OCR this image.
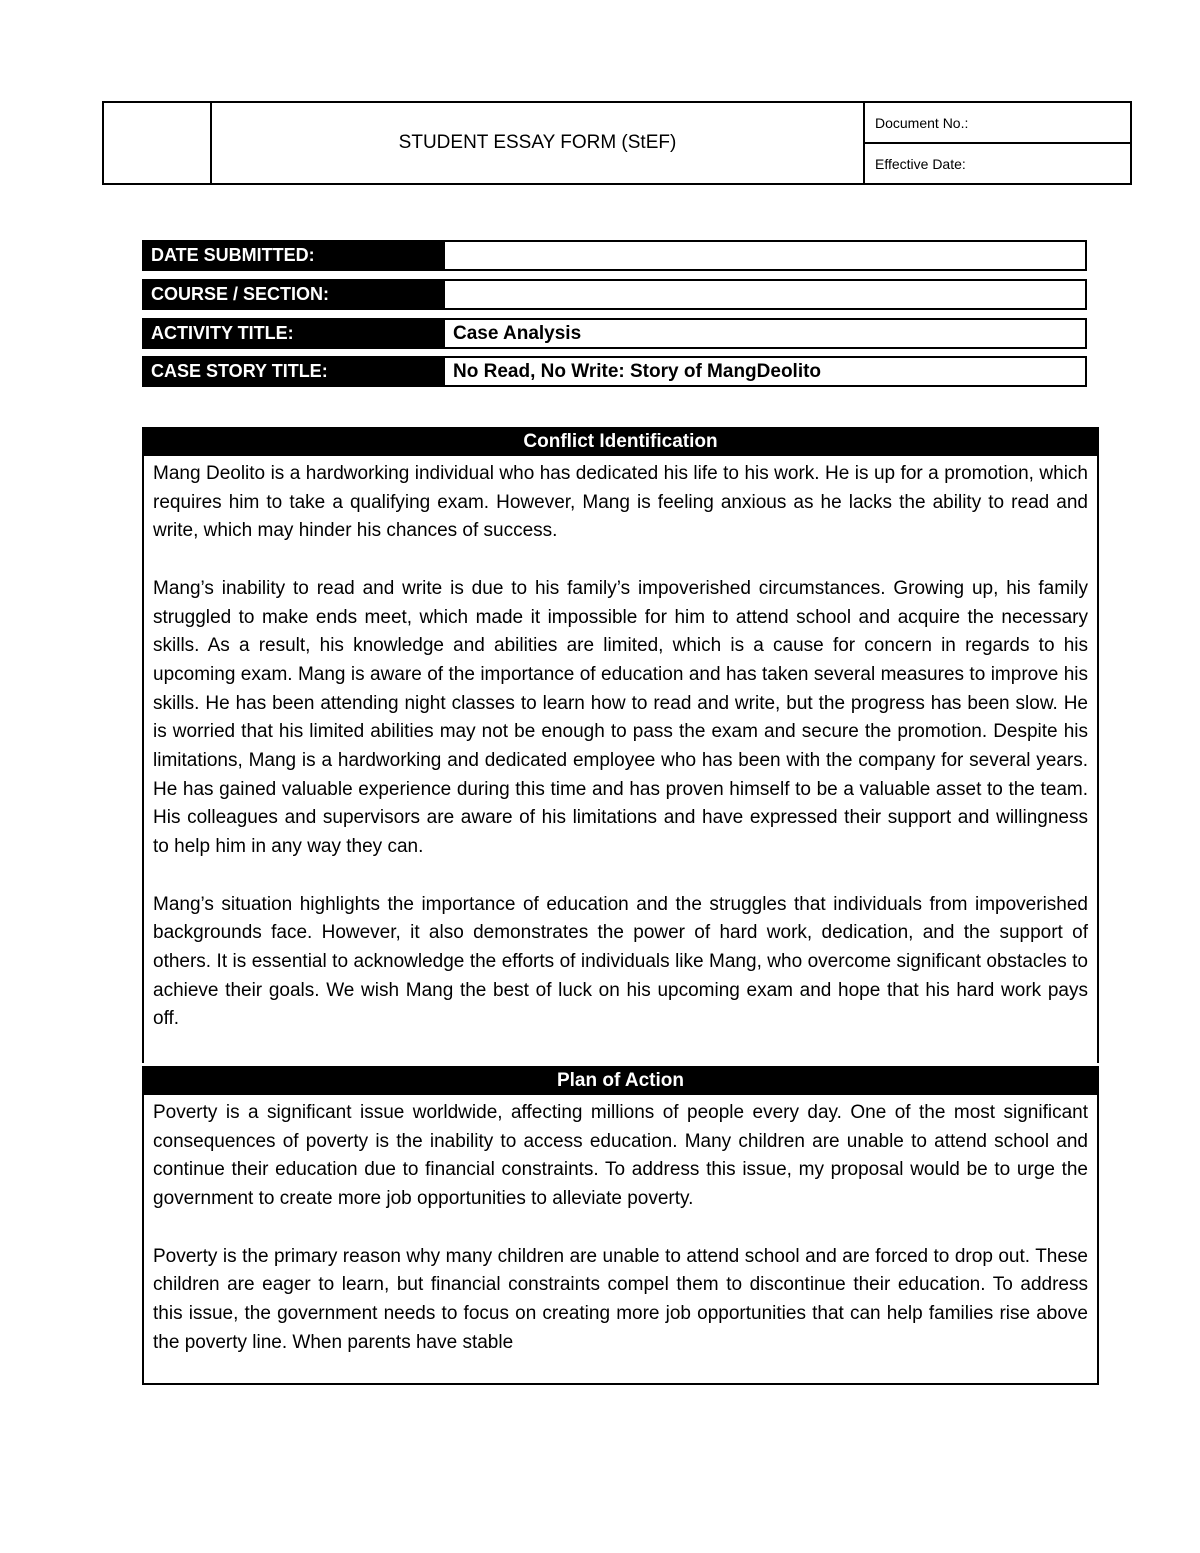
STUDENT ESSAY FORM (StEF)
Document No.:
Effective Date:
DATE SUBMITTED:
COURSE / SECTION:
ACTIVITY TITLE:	Case Analysis
CASE STORY TITLE:	No Read, No Write: Story of MangDeolito
Conflict Identification

Mang Deolito is a hardworking individual who has dedicated his life to his work. He is up for a promotion, which requires him to take a qualifying exam. However, Mang is feeling anxious as he lacks the ability to read and write, which may hinder his chances of success.

Mang’s inability to read and write is due to his family’s impoverished circumstances. Growing up, his family struggled to make ends meet, which made it impossible for him to attend school and acquire the necessary skills. As a result, his knowledge and abilities are limited, which is a cause for concern in regards to his upcoming exam. Mang is aware of the importance of education and has taken several measures to improve his skills. He has been attending night classes to learn how to read and write, but the progress has been slow. He is worried that his limited abilities may not be enough to pass the exam and secure the promotion. Despite his limitations, Mang is a hardworking and dedicated employee who has been with the company for several years. He has gained valuable experience during this time and has proven himself to be a valuable asset to the team. His colleagues and supervisors are aware of his limitations and have expressed their support and willingness to help him in any way they can.

Mang’s situation highlights the importance of education and the struggles that individuals from impoverished backgrounds face. However, it also demonstrates the power of hard work, dedication, and the support of others. It is essential to acknowledge the efforts of individuals like Mang, who overcome significant obstacles to achieve their goals. We wish Mang the best of luck on his upcoming exam and hope that his hard work pays off.

Plan of Action

Poverty is a significant issue worldwide, affecting millions of people every day. One of the most significant consequences of poverty is the inability to access education. Many children are unable to attend school and continue their education due to financial constraints. To address this issue, my proposal would be to urge the government to create more job opportunities to alleviate poverty.

Poverty is the primary reason why many children are unable to attend school and are forced to drop out. These children are eager to learn, but financial constraints compel them to discontinue their education. To address this issue, the government needs to focus on creating more job opportunities that can help families rise above the poverty line. When parents have stable
